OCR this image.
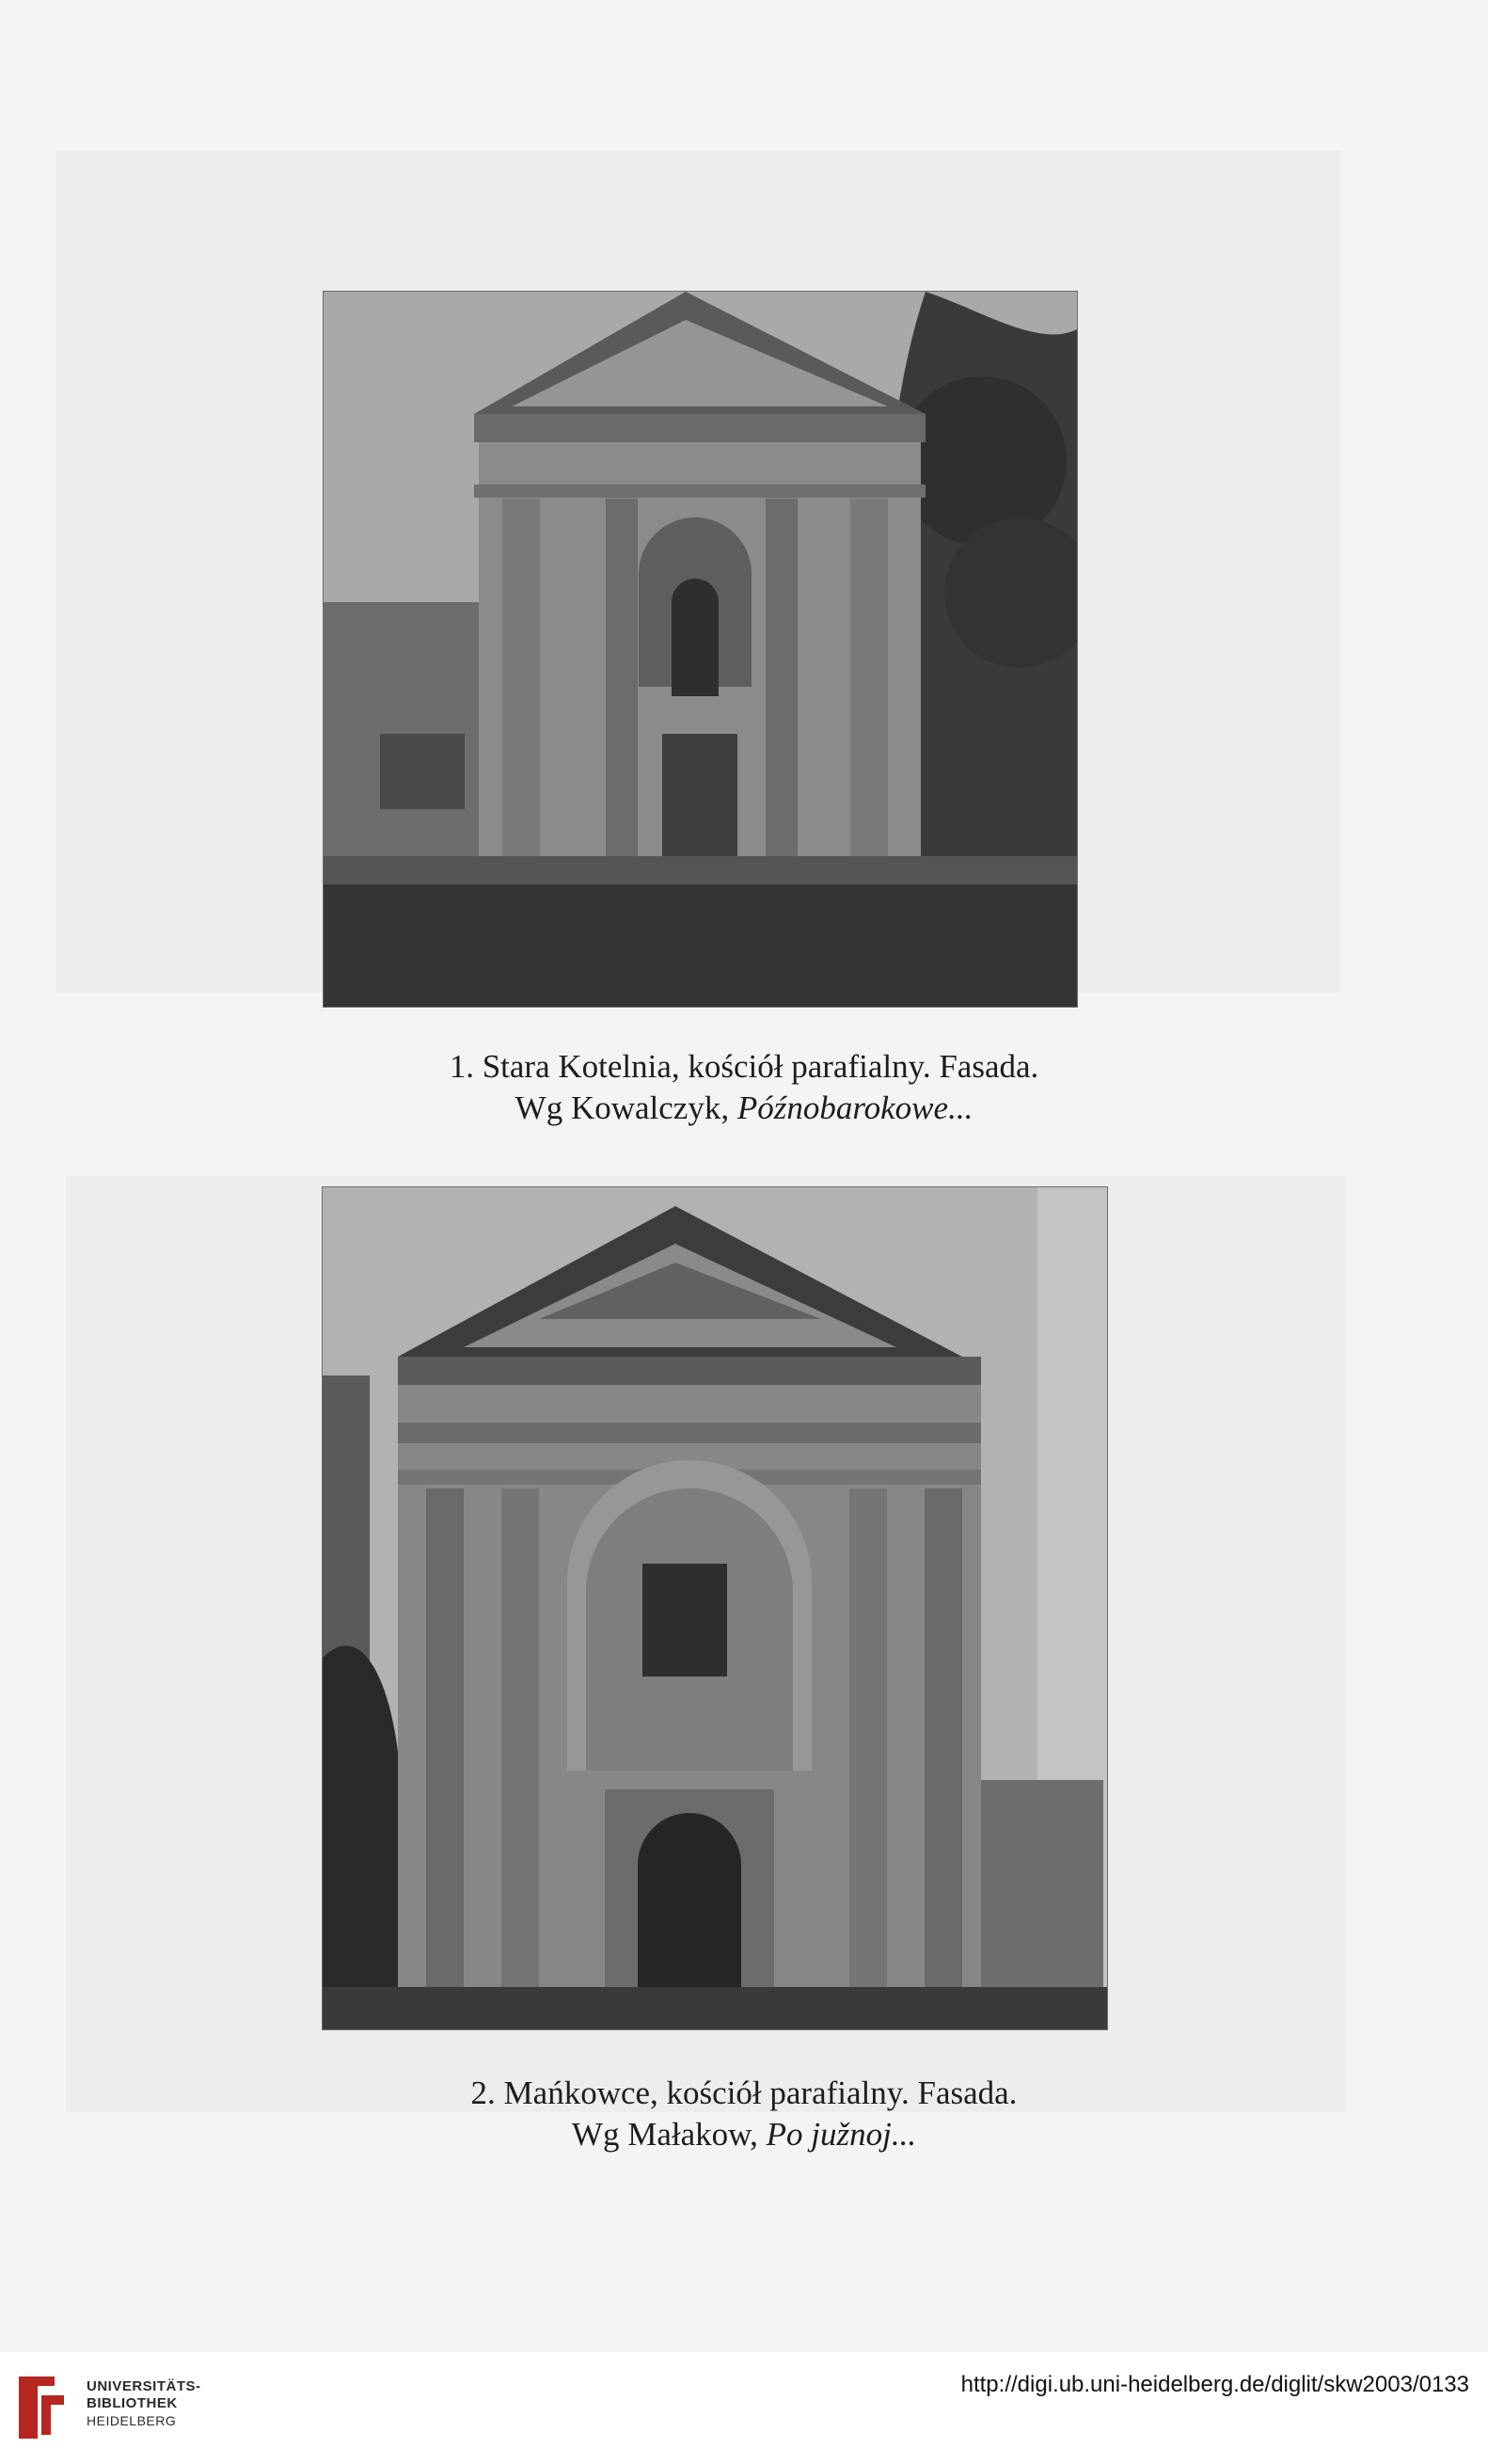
1. Stara Kotelnia, kościół parafialny. Fasada.
Wg Kowalczyk, Późnobarokowe...
2. Mańkowce, kościół parafialny. Fasada.
Wg Małakow, Po južnoj...
UNIVERSITÄTS-
BIBLIOTHEK
HEIDELBERG
http://digi.ub.uni-heidelberg.de/diglit/skw2003/0133
